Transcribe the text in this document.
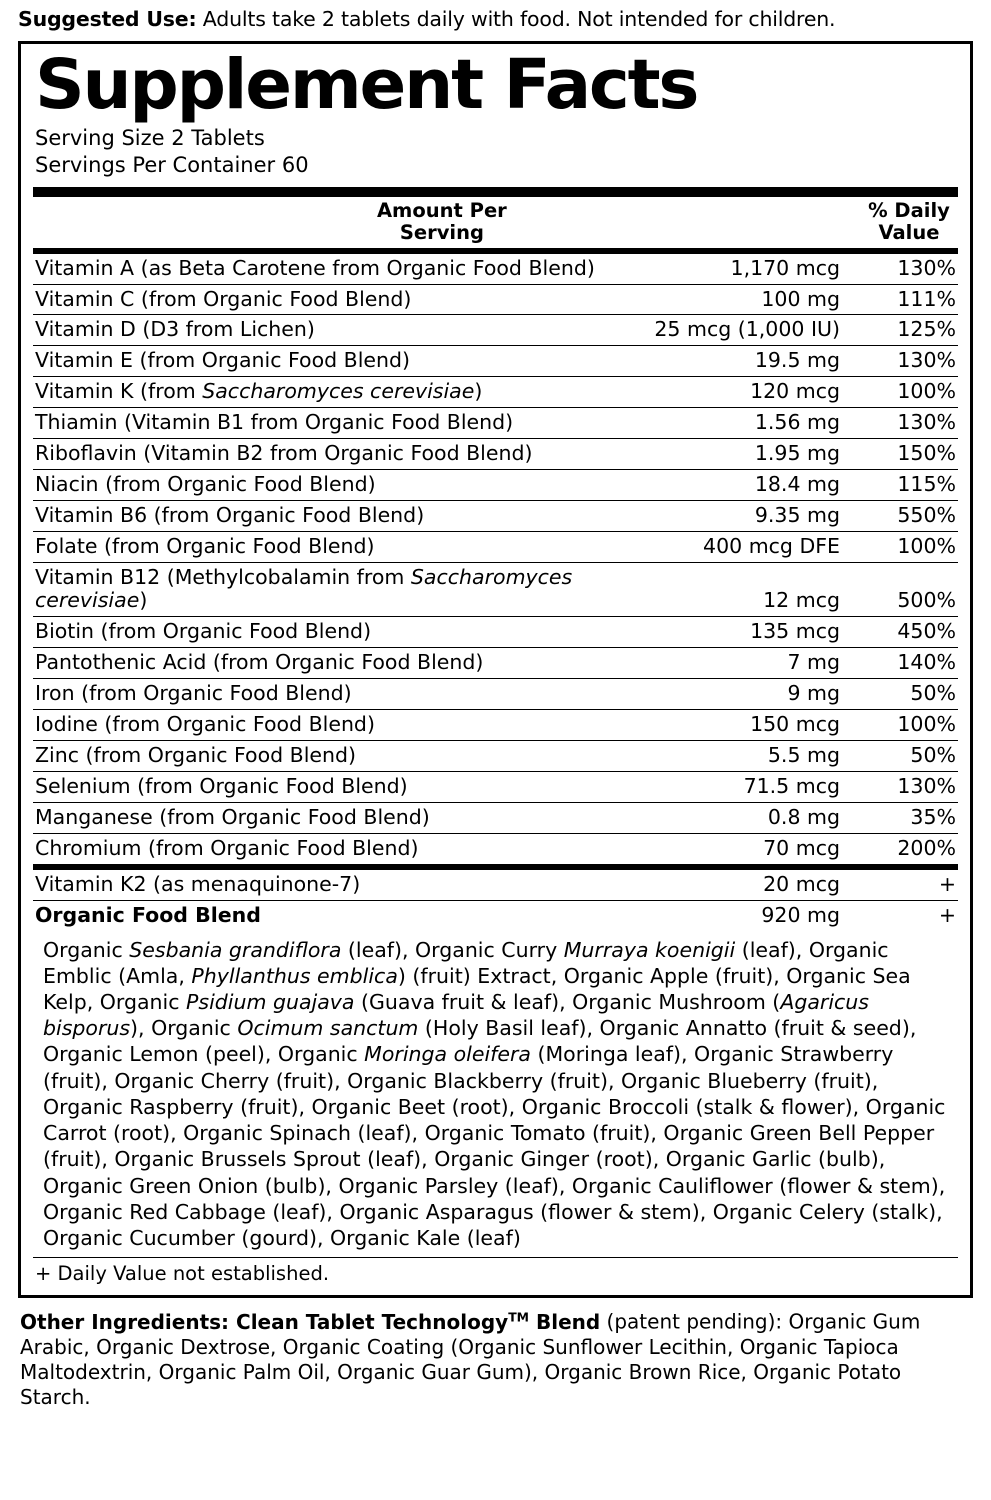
Suggested Use: Adults take 2 tablets daily with food. Not intended for children.
Supplement Facts
Serving Size 2 Tablets
Servings Per Container 60
	Amount Per
Serving	% Daily
Value
Vitamin A (as Beta Carotene from Organic Food Blend)	1,170 mcg	130%
Vitamin C (from Organic Food Blend)	100 mg	111%
Vitamin D (D3 from Lichen)	25 mcg (1,000 IU)	125%
Vitamin E (from Organic Food Blend)	19.5 mg	130%
Vitamin K (from Saccharomyces cerevisiae)	120 mcg	100%
Thiamin (Vitamin B1 from Organic Food Blend)	1.56 mg	130%
Riboflavin (Vitamin B2 from Organic Food Blend)	1.95 mg	150%
Niacin (from Organic Food Blend)	18.4 mg	115%
Vitamin B6 (from Organic Food Blend)	9.35 mg	550%
Folate (from Organic Food Blend)	400 mcg DFE	100%
Vitamin B12 (Methylcobalamin from Saccharomyces cerevisiae)	12 mcg	500%
Biotin (from Organic Food Blend)	135 mcg	450%
Pantothenic Acid (from Organic Food Blend)	7 mg	140%
Iron (from Organic Food Blend)	9 mg	50%
Iodine (from Organic Food Blend)	150 mcg	100%
Zinc (from Organic Food Blend)	5.5 mg	50%
Selenium (from Organic Food Blend)	71.5 mcg	130%
Manganese (from Organic Food Blend)	0.8 mg	35%
Chromium (from Organic Food Blend)	70 mcg	200%
Vitamin K2 (as menaquinone-7)	20 mcg	+
Organic Food Blend	920 mg	+
Organic Sesbania grandiflora (leaf), Organic Curry Murraya koenigii (leaf), Organic Emblic (Amla, Phyllanthus emblica) (fruit) Extract, Organic Apple (fruit), Organic Sea Kelp, Organic Psidium guajava (Guava fruit & leaf), Organic Mushroom (Agaricus bisporus), Organic Ocimum sanctum (Holy Basil leaf), Organic Annatto (fruit & seed), Organic Lemon (peel), Organic Moringa oleifera (Moringa leaf), Organic Strawberry (fruit), Organic Cherry (fruit), Organic Blackberry (fruit), Organic Blueberry (fruit), Organic Raspberry (fruit), Organic Beet (root), Organic Broccoli (stalk & flower), Organic Carrot (root), Organic Spinach (leaf), Organic Tomato (fruit), Organic Green Bell Pepper (fruit), Organic Brussels Sprout (leaf), Organic Ginger (root), Organic Garlic (bulb), Organic Green Onion (bulb), Organic Parsley (leaf), Organic Cauliflower (flower & stem), Organic Red Cabbage (leaf), Organic Asparagus (flower & stem), Organic Celery (stalk), Organic Cucumber (gourd), Organic Kale (leaf)
+ Daily Value not established.
Other Ingredients: Clean Tablet Technology™ Blend (patent pending): Organic Gum Arabic, Organic Dextrose, Organic Coating (Organic Sunflower Lecithin, Organic Tapioca Maltodextrin, Organic Palm Oil, Organic Guar Gum), Organic Brown Rice, Organic Potato Starch.
